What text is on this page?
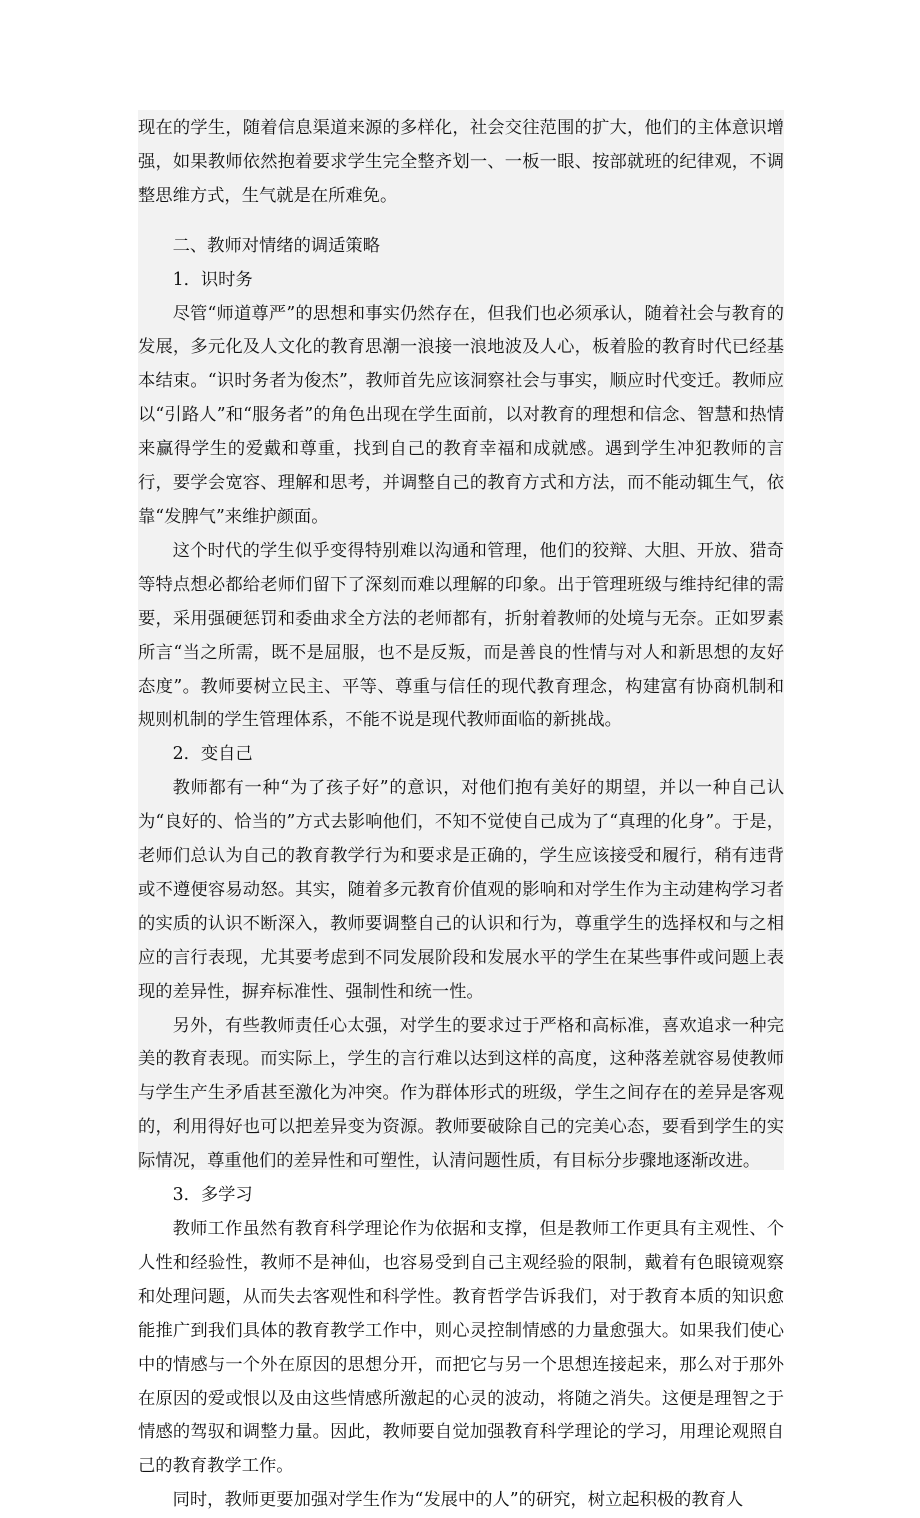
现在的学生，随着信息渠道来源的多样化，社会交往范围的扩大，他们的主体意识增强，如果教师依然抱着要求学生完全整齐划一、一板一眼、按部就班的纪律观，不调整思维方式，生气就是在所难免。

二、教师对情绪的调适策略

1．识时务

尽管“师道尊严”的思想和事实仍然存在，但我们也必须承认，随着社会与教育的发展，多元化及人文化的教育思潮一浪接一浪地波及人心，板着脸的教育时代已经基本结束。“识时务者为俊杰”，教师首先应该洞察社会与事实，顺应时代变迁。教师应以“引路人”和“服务者”的角色出现在学生面前，以对教育的理想和信念、智慧和热情来赢得学生的爱戴和尊重，找到自己的教育幸福和成就感。遇到学生冲犯教师的言行，要学会宽容、理解和思考，并调整自己的教育方式和方法，而不能动辄生气，依靠“发脾气”来维护颜面。

这个时代的学生似乎变得特别难以沟通和管理，他们的狡辩、大胆、开放、猎奇等特点想必都给老师们留下了深刻而难以理解的印象。出于管理班级与维持纪律的需要，采用强硬惩罚和委曲求全方法的老师都有，折射着教师的处境与无奈。正如罗素所言“当之所需，既不是屈服，也不是反叛，而是善良的性情与对人和新思想的友好态度”。教师要树立民主、平等、尊重与信任的现代教育理念，构建富有协商机制和规则机制的学生管理体系，不能不说是现代教师面临的新挑战。

2．变自己

教师都有一种“为了孩子好”的意识，对他们抱有美好的期望，并以一种自己认为“良好的、恰当的”方式去影响他们，不知不觉使自己成为了“真理的化身”。于是，老师们总认为自己的教育教学行为和要求是正确的，学生应该接受和履行，稍有违背或不遵便容易动怒。其实，随着多元教育价值观的影响和对学生作为主动建构学习者的实质的认识不断深入，教师要调整自己的认识和行为，尊重学生的选择权和与之相应的言行表现，尤其要考虑到不同发展阶段和发展水平的学生在某些事件或问题上表现的差异性，摒弃标准性、强制性和统一性。

另外，有些教师责任心太强，对学生的要求过于严格和高标准，喜欢追求一种完美的教育表现。而实际上，学生的言行难以达到这样的高度，这种落差就容易使教师与学生产生矛盾甚至激化为冲突。作为群体形式的班级，学生之间存在的差异是客观的，利用得好也可以把差异变为资源。教师要破除自己的完美心态，要看到学生的实际情况，尊重他们的差异性和可塑性，认清问题性质，有目标分步骤地逐渐改进。

3．多学习

教师工作虽然有教育科学理论作为依据和支撑，但是教师工作更具有主观性、个人性和经验性，教师不是神仙，也容易受到自己主观经验的限制，戴着有色眼镜观察和处理问题，从而失去客观性和科学性。教育哲学告诉我们，对于教育本质的知识愈能推广到我们具体的教育教学工作中，则心灵控制情感的力量愈强大。如果我们使心中的情感与一个外在原因的思想分开，而把它与另一个思想连接起来，那么对于那外在原因的爱或恨以及由这些情感所激起的心灵的波动，将随之消失。这便是理智之于情感的驾驭和调整力量。因此，教师要自觉加强教育科学理论的学习，用理论观照自己的教育教学工作。

同时，教师更要加强对学生作为“发展中的人”的研究，树立起积极的教育人
